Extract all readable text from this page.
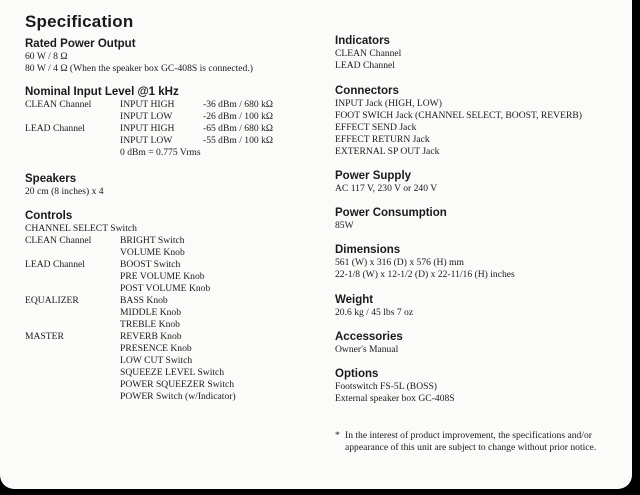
Specification
Rated Power Output
60 W / 8 Ω
80 W / 4 Ω (When the speaker box GC-408S is connected.)
Nominal Input Level @1 kHz
CLEAN Channel	INPUT HIGH	-36 dBm / 680 kΩ
INPUT LOW	-26 dBm / 100 kΩ
LEAD Channel	INPUT HIGH	-65 dBm / 680 kΩ
INPUT LOW	-55 dBm / 100 kΩ
0 dBm = 0.775 Vrms
Speakers
20 cm (8 inches) x 4
Controls
CHANNEL SELECT Switch
CLEAN Channel	BRIGHT Switch
VOLUME Knob
LEAD Channel	BOOST Switch
PRE VOLUME Knob
POST VOLUME Knob
EQUALIZER	BASS Knob
MIDDLE Knob
TREBLE Knob
MASTER	REVERB Knob
PRESENCE Knob
LOW CUT Switch
SQUEEZE LEVEL Switch
POWER SQUEEZER Switch
POWER Switch (w/Indicator)
Indicators
CLEAN Channel
LEAD Channel
Connectors
INPUT Jack (HIGH, LOW)
FOOT SWICH Jack (CHANNEL SELECT, BOOST, REVERB)
EFFECT SEND Jack
EFFECT RETURN Jack
EXTERNAL SP OUT Jack
Power Supply
AC 117 V, 230 V or 240 V
Power Consumption
85W
Dimensions
561 (W) x 316 (D) x 576 (H) mm
22-1/8 (W) x 12-1/2 (D) x 22-11/16 (H) inches
Weight
20.6 kg / 45 lbs 7 oz
Accessories
Owner's Manual
Options
Footswitch FS-5L (BOSS)
External speaker box GC-408S
* In the interest of product improvement, the specifications and/or appearance of this unit are subject to change without prior notice.
